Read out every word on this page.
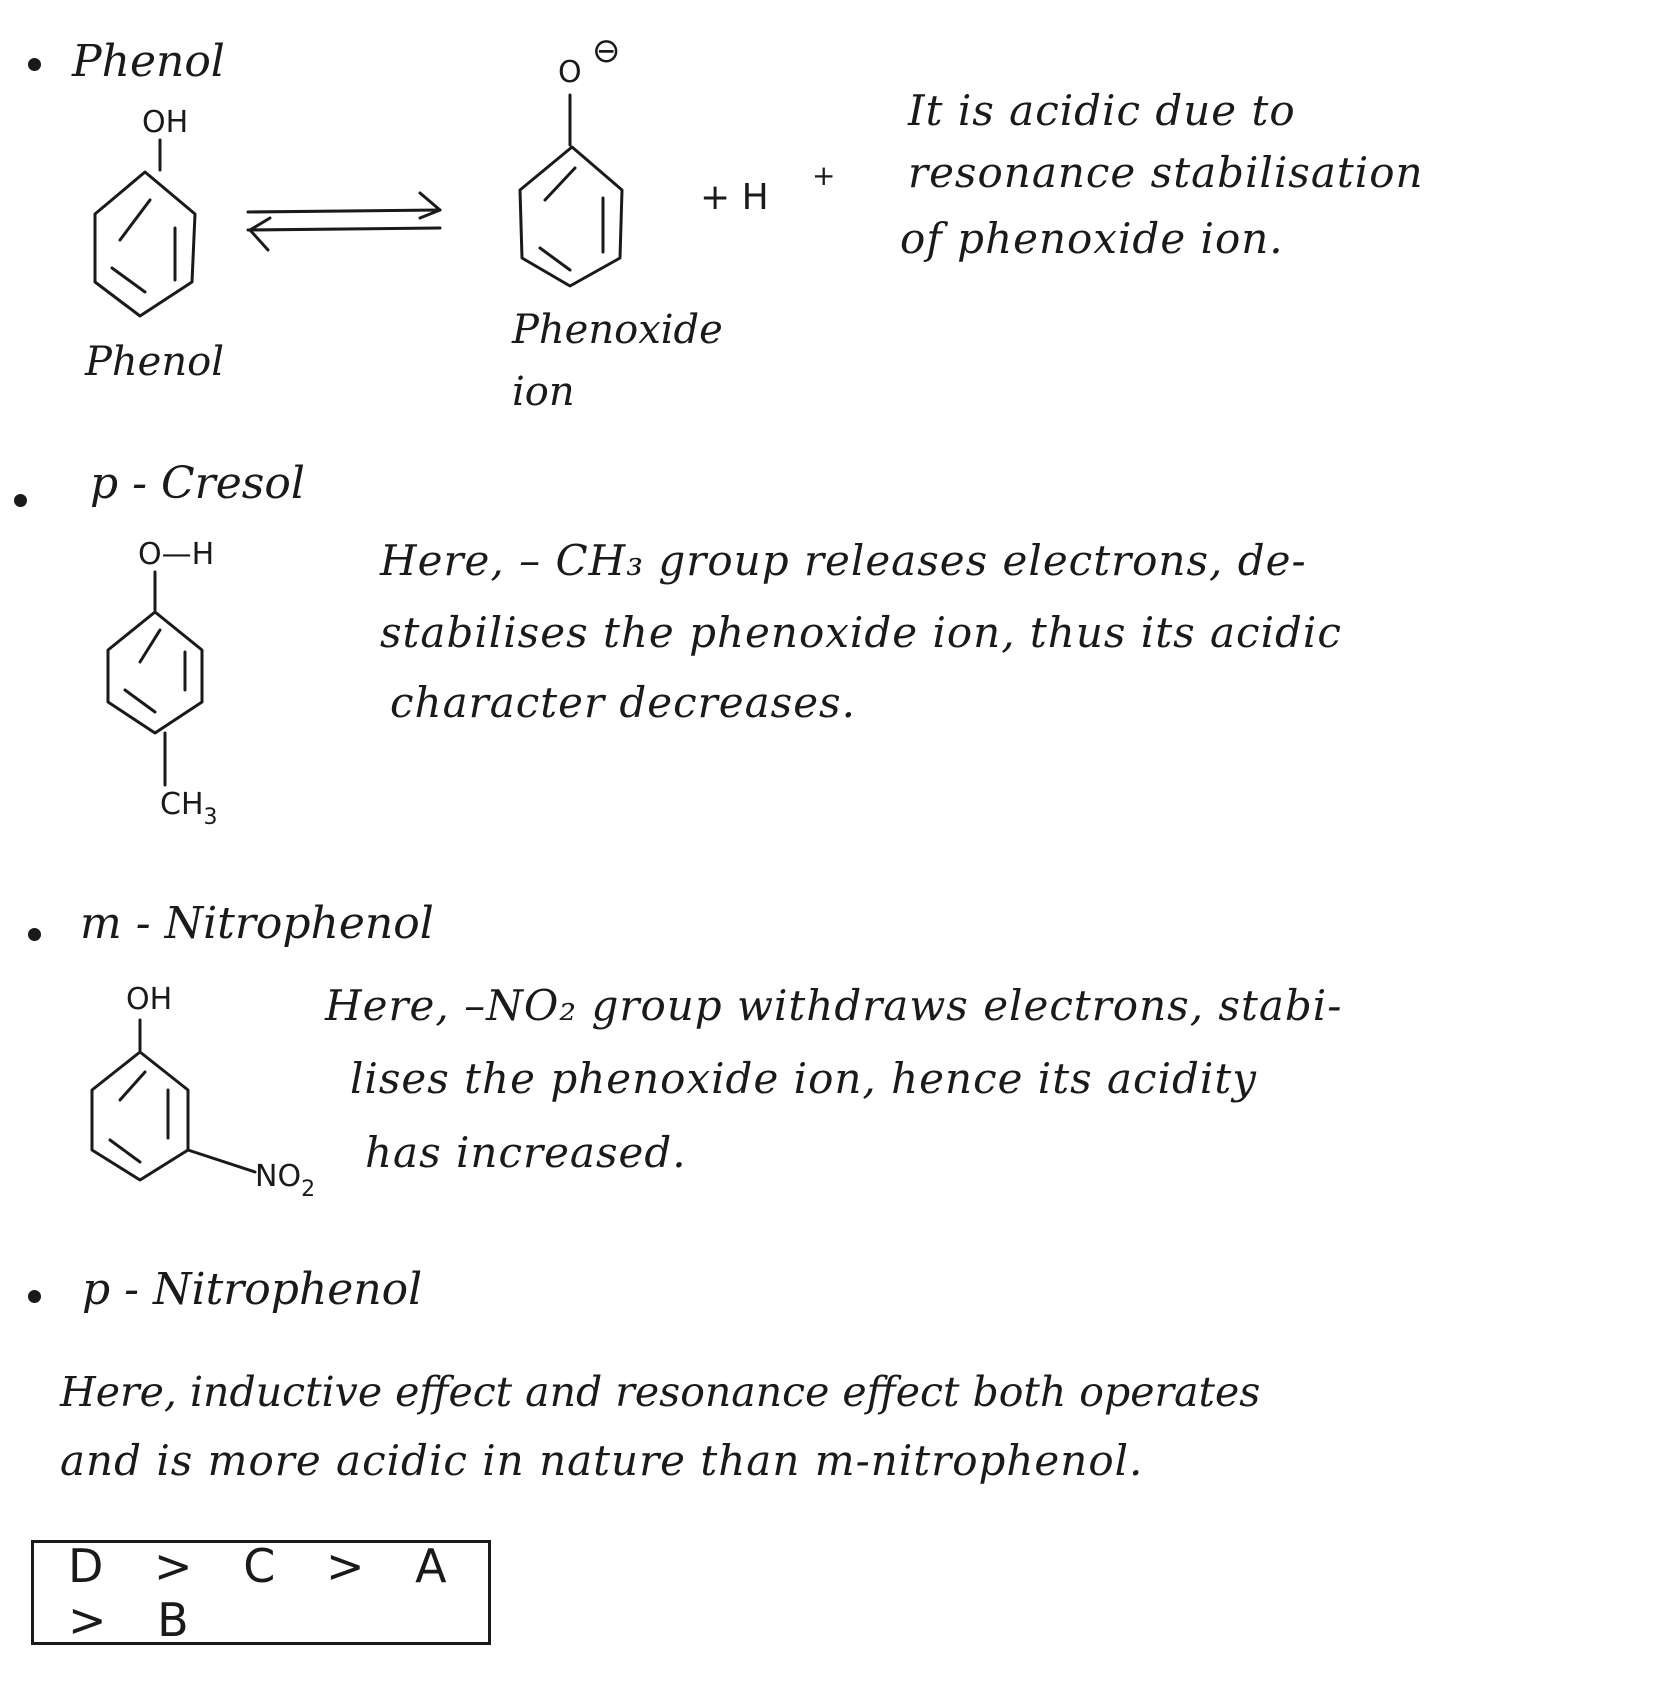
Phenol
OH
Phenol
O
⊖
+ H
+
Phenoxide
ion
It is acidic due to
resonance stabilisation
of phenoxide ion.
p - Cresol
O—H
$CH_3$
Here, – CH₃ group releases electrons, de-
stabilises the phenoxide ion, thus its acidic
character decreases.
m - Nitrophenol
OH
$NO_2$
Here, –NO₂ group withdraws electrons, stabi-
lises the phenoxide ion, hence its acidity
has increased.
p - Nitrophenol
Here, inductive effect and resonance effect both operates
and is more acidic in nature than m-nitrophenol.
D > C > A > B
